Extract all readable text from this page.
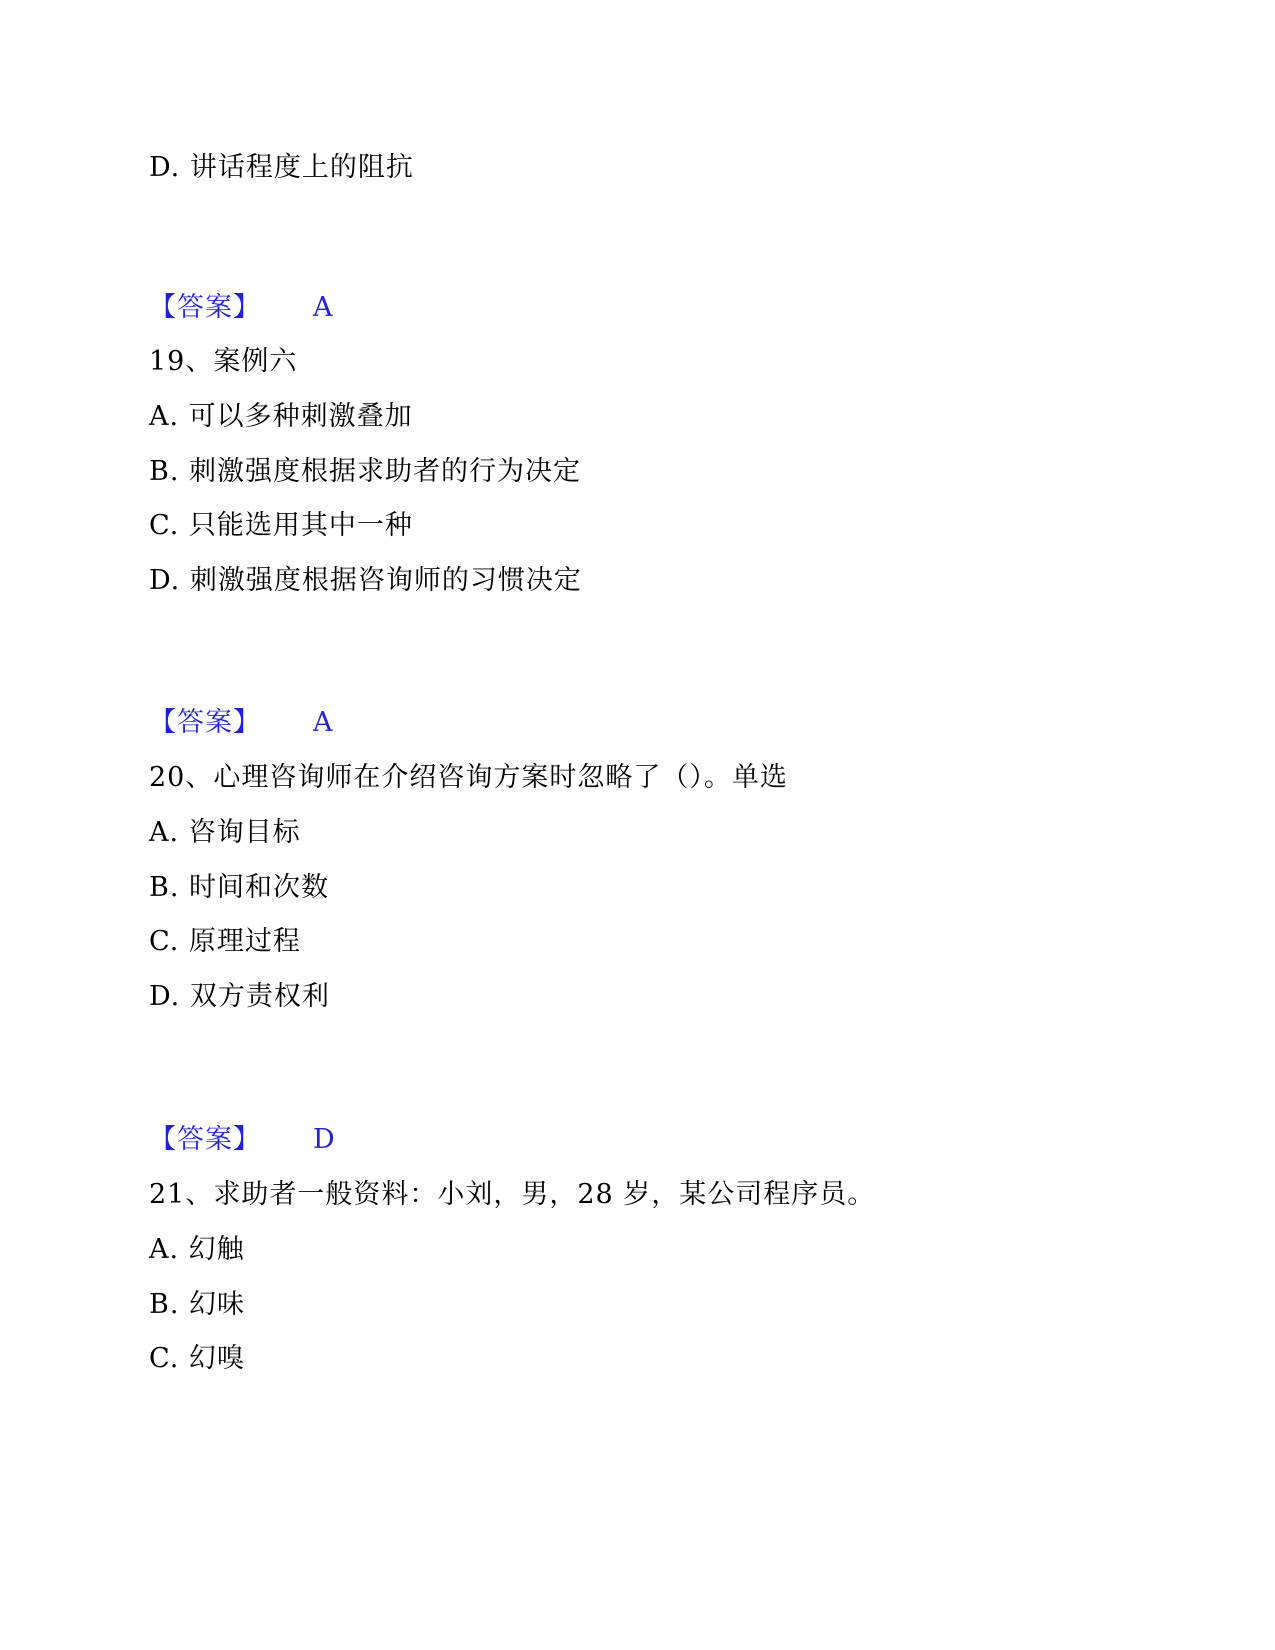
D. 讲话程度上的阻抗
【答案】 A
19、案例六
A. 可以多种刺激叠加
B. 刺激强度根据求助者的行为决定
C. 只能选用其中一种
D. 刺激强度根据咨询师的习惯决定
【答案】 A
20、心理咨询师在介绍咨询方案时忽略了（）。单选
A. 咨询目标
B. 时间和次数
C. 原理过程
D. 双方责权利
【答案】 D
21、求助者一般资料：小刘，男，28 岁，某公司程序员。
A. 幻触
B. 幻味
C. 幻嗅
